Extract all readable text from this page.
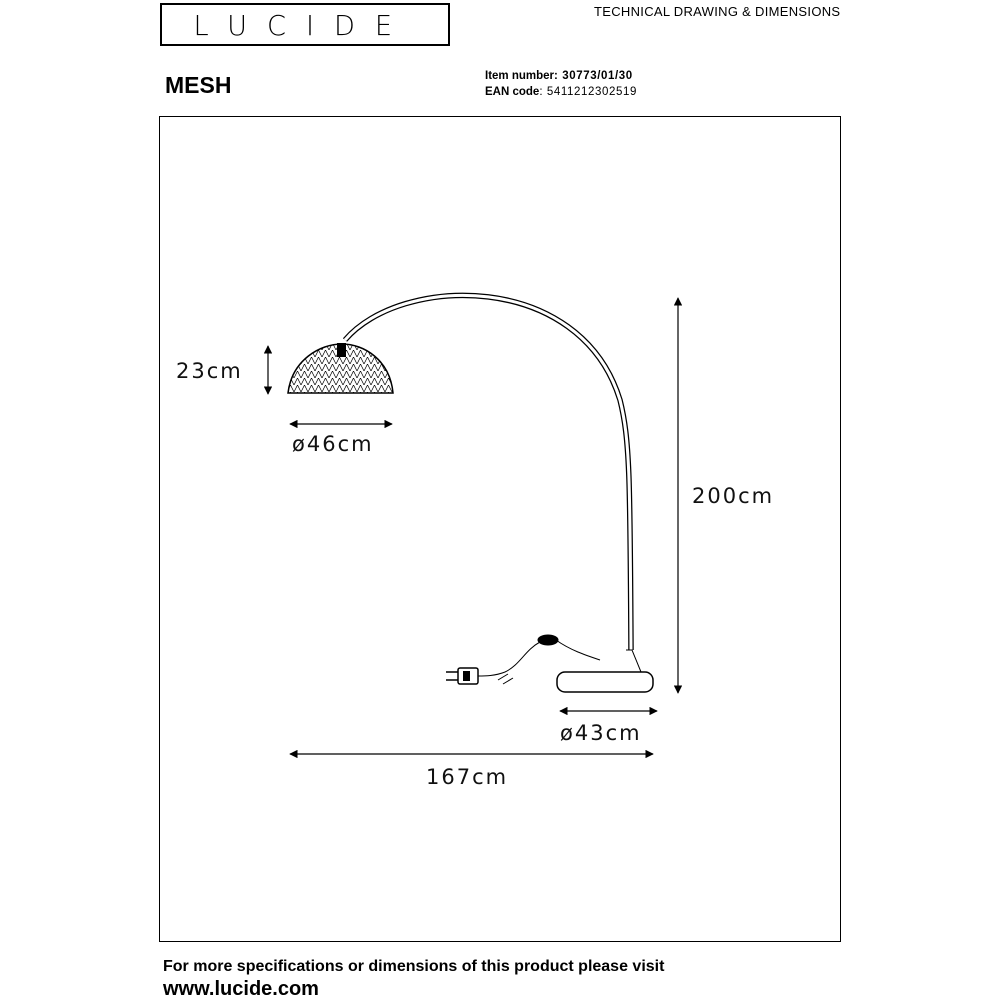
LUCIDE	TECHNICAL DRAWING & DIMENSIONS
MESH	Item number: 30773/01/30
EAN code: 5411212302519
23cm
ø46cm
200cm
ø43cm
167cm
For more specifications or dimensions of this product please visit
www.lucide.com
